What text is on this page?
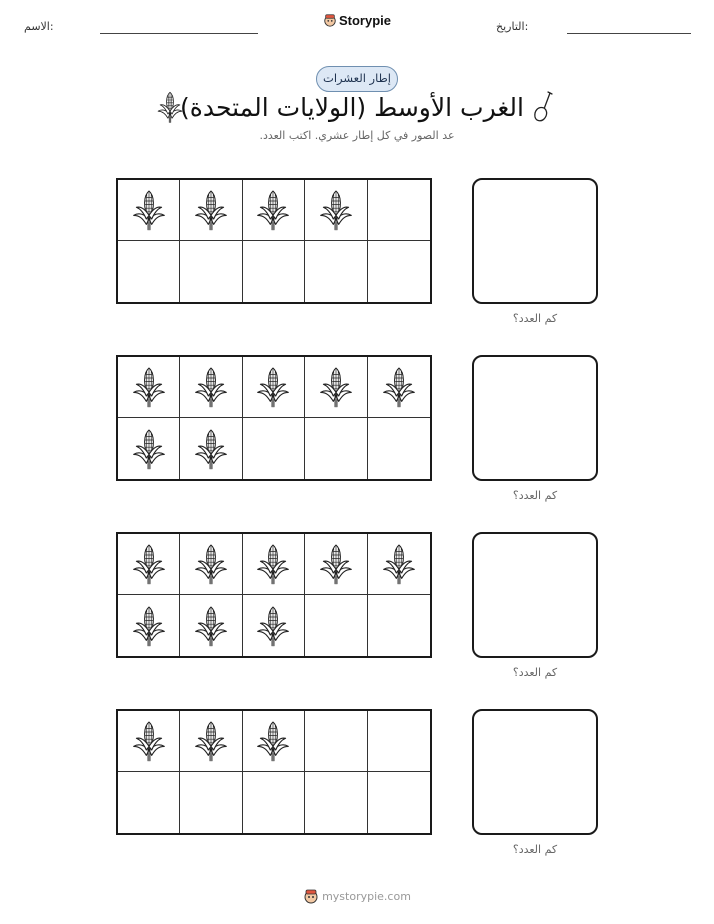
الاسم:	Storypie	التاريخ:
إطار العشرات
الغرب الأوسط (الولايات المتحدة)
عد الصور في كل إطار عشري. اكتب العدد.
كم العدد؟
كم العدد؟
كم العدد؟
كم العدد؟
mystorypie.com
